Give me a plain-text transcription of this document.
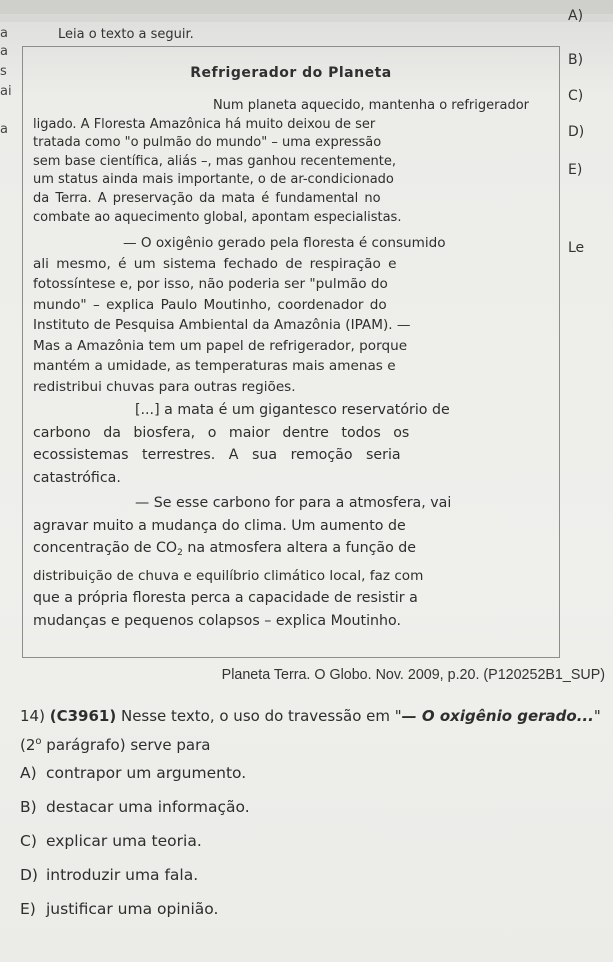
a
a
s
ai
a
A)
B)
C)
D)
E)
Le
Leia o texto a seguir.
Refrigerador do Planeta
Num planeta aquecido, mantenha o refrigerador
ligado. A Floresta Amazônica há muito deixou de ser
tratada como "o pulmão do mundo" – uma expressão
sem base científica, aliás –, mas ganhou recentemente,
um status ainda mais importante, o de ar-condicionado
da Terra. A preservação da mata é fundamental no
combate ao aquecimento global, apontam especialistas.
— O oxigênio gerado pela floresta é consumido
ali mesmo, é um sistema fechado de respiração e
fotossíntese e, por isso, não poderia ser "pulmão do
mundo" – explica Paulo Moutinho, coordenador do
Instituto de Pesquisa Ambiental da Amazônia (IPAM). —
Mas a Amazônia tem um papel de refrigerador, porque
mantém a umidade, as temperaturas mais amenas e
redistribui chuvas para outras regiões.
[...] a mata é um gigantesco reservatório de
carbono da biosfera, o maior dentre todos os
ecossistemas terrestres. A sua remoção seria
catastrófica.
— Se esse carbono for para a atmosfera, vai
agravar muito a mudança do clima. Um aumento de
concentração de $CO_2$ na atmosfera altera a função de
distribuição de chuva e equilíbrio climático local, faz com
que a própria floresta perca a capacidade de resistir a
mudanças e pequenos colapsos – explica Moutinho.
Planeta Terra. O Globo. Nov. 2009, p.20. (P120252B1_SUP)
14) (C3961) Nesse texto, o uso do travessão em "— O oxigênio gerado..." (2$^o$ parágrafo) serve para
A) contrapor um argumento.
B) destacar uma informação.
C) explicar uma teoria.
D) introduzir uma fala.
E) justificar uma opinião.
